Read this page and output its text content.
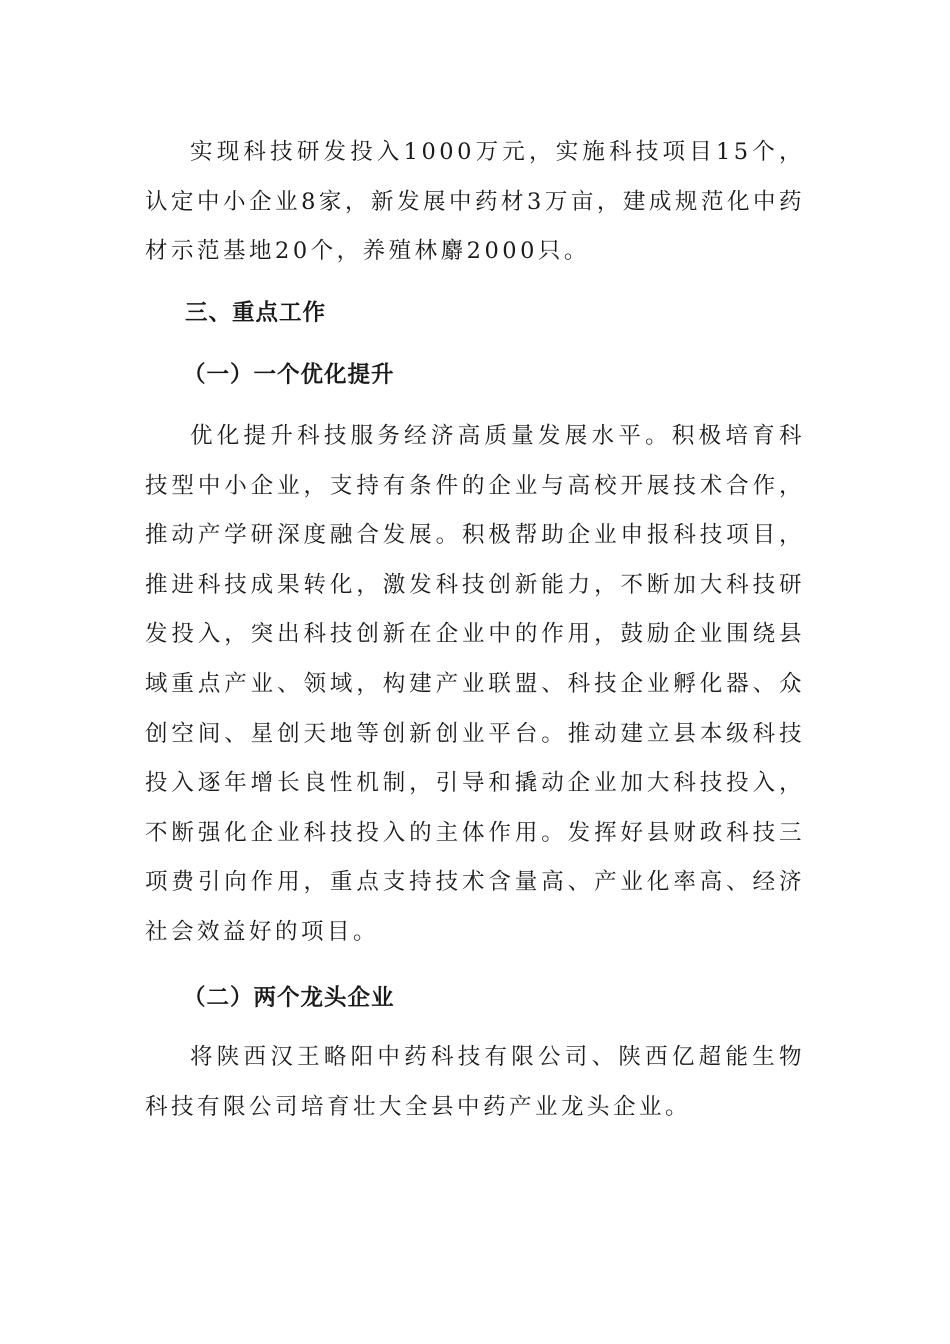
实现科技研发投入1000万元，实施科技项目15个，认定中小企业8家，新发展中药材3万亩，建成规范化中药材示范基地20个，养殖林麝2000只。

三、重点工作
（一）一个优化提升

优化提升科技服务经济高质量发展水平。积极培育科技型中小企业，支持有条件的企业与高校开展技术合作，推动产学研深度融合发展。积极帮助企业申报科技项目，推进科技成果转化，激发科技创新能力，不断加大科技研发投入，突出科技创新在企业中的作用，鼓励企业围绕县域重点产业、领域，构建产业联盟、科技企业孵化器、众创空间、星创天地等创新创业平台。推动建立县本级科技投入逐年增长良性机制，引导和撬动企业加大科技投入，不断强化企业科技投入的主体作用。发挥好县财政科技三项费引向作用，重点支持技术含量高、产业化率高、经济社会效益好的项目。

（二）两个龙头企业

将陕西汉王略阳中药科技有限公司、陕西亿超能生物科技有限公司培育壮大全县中药产业龙头企业。
